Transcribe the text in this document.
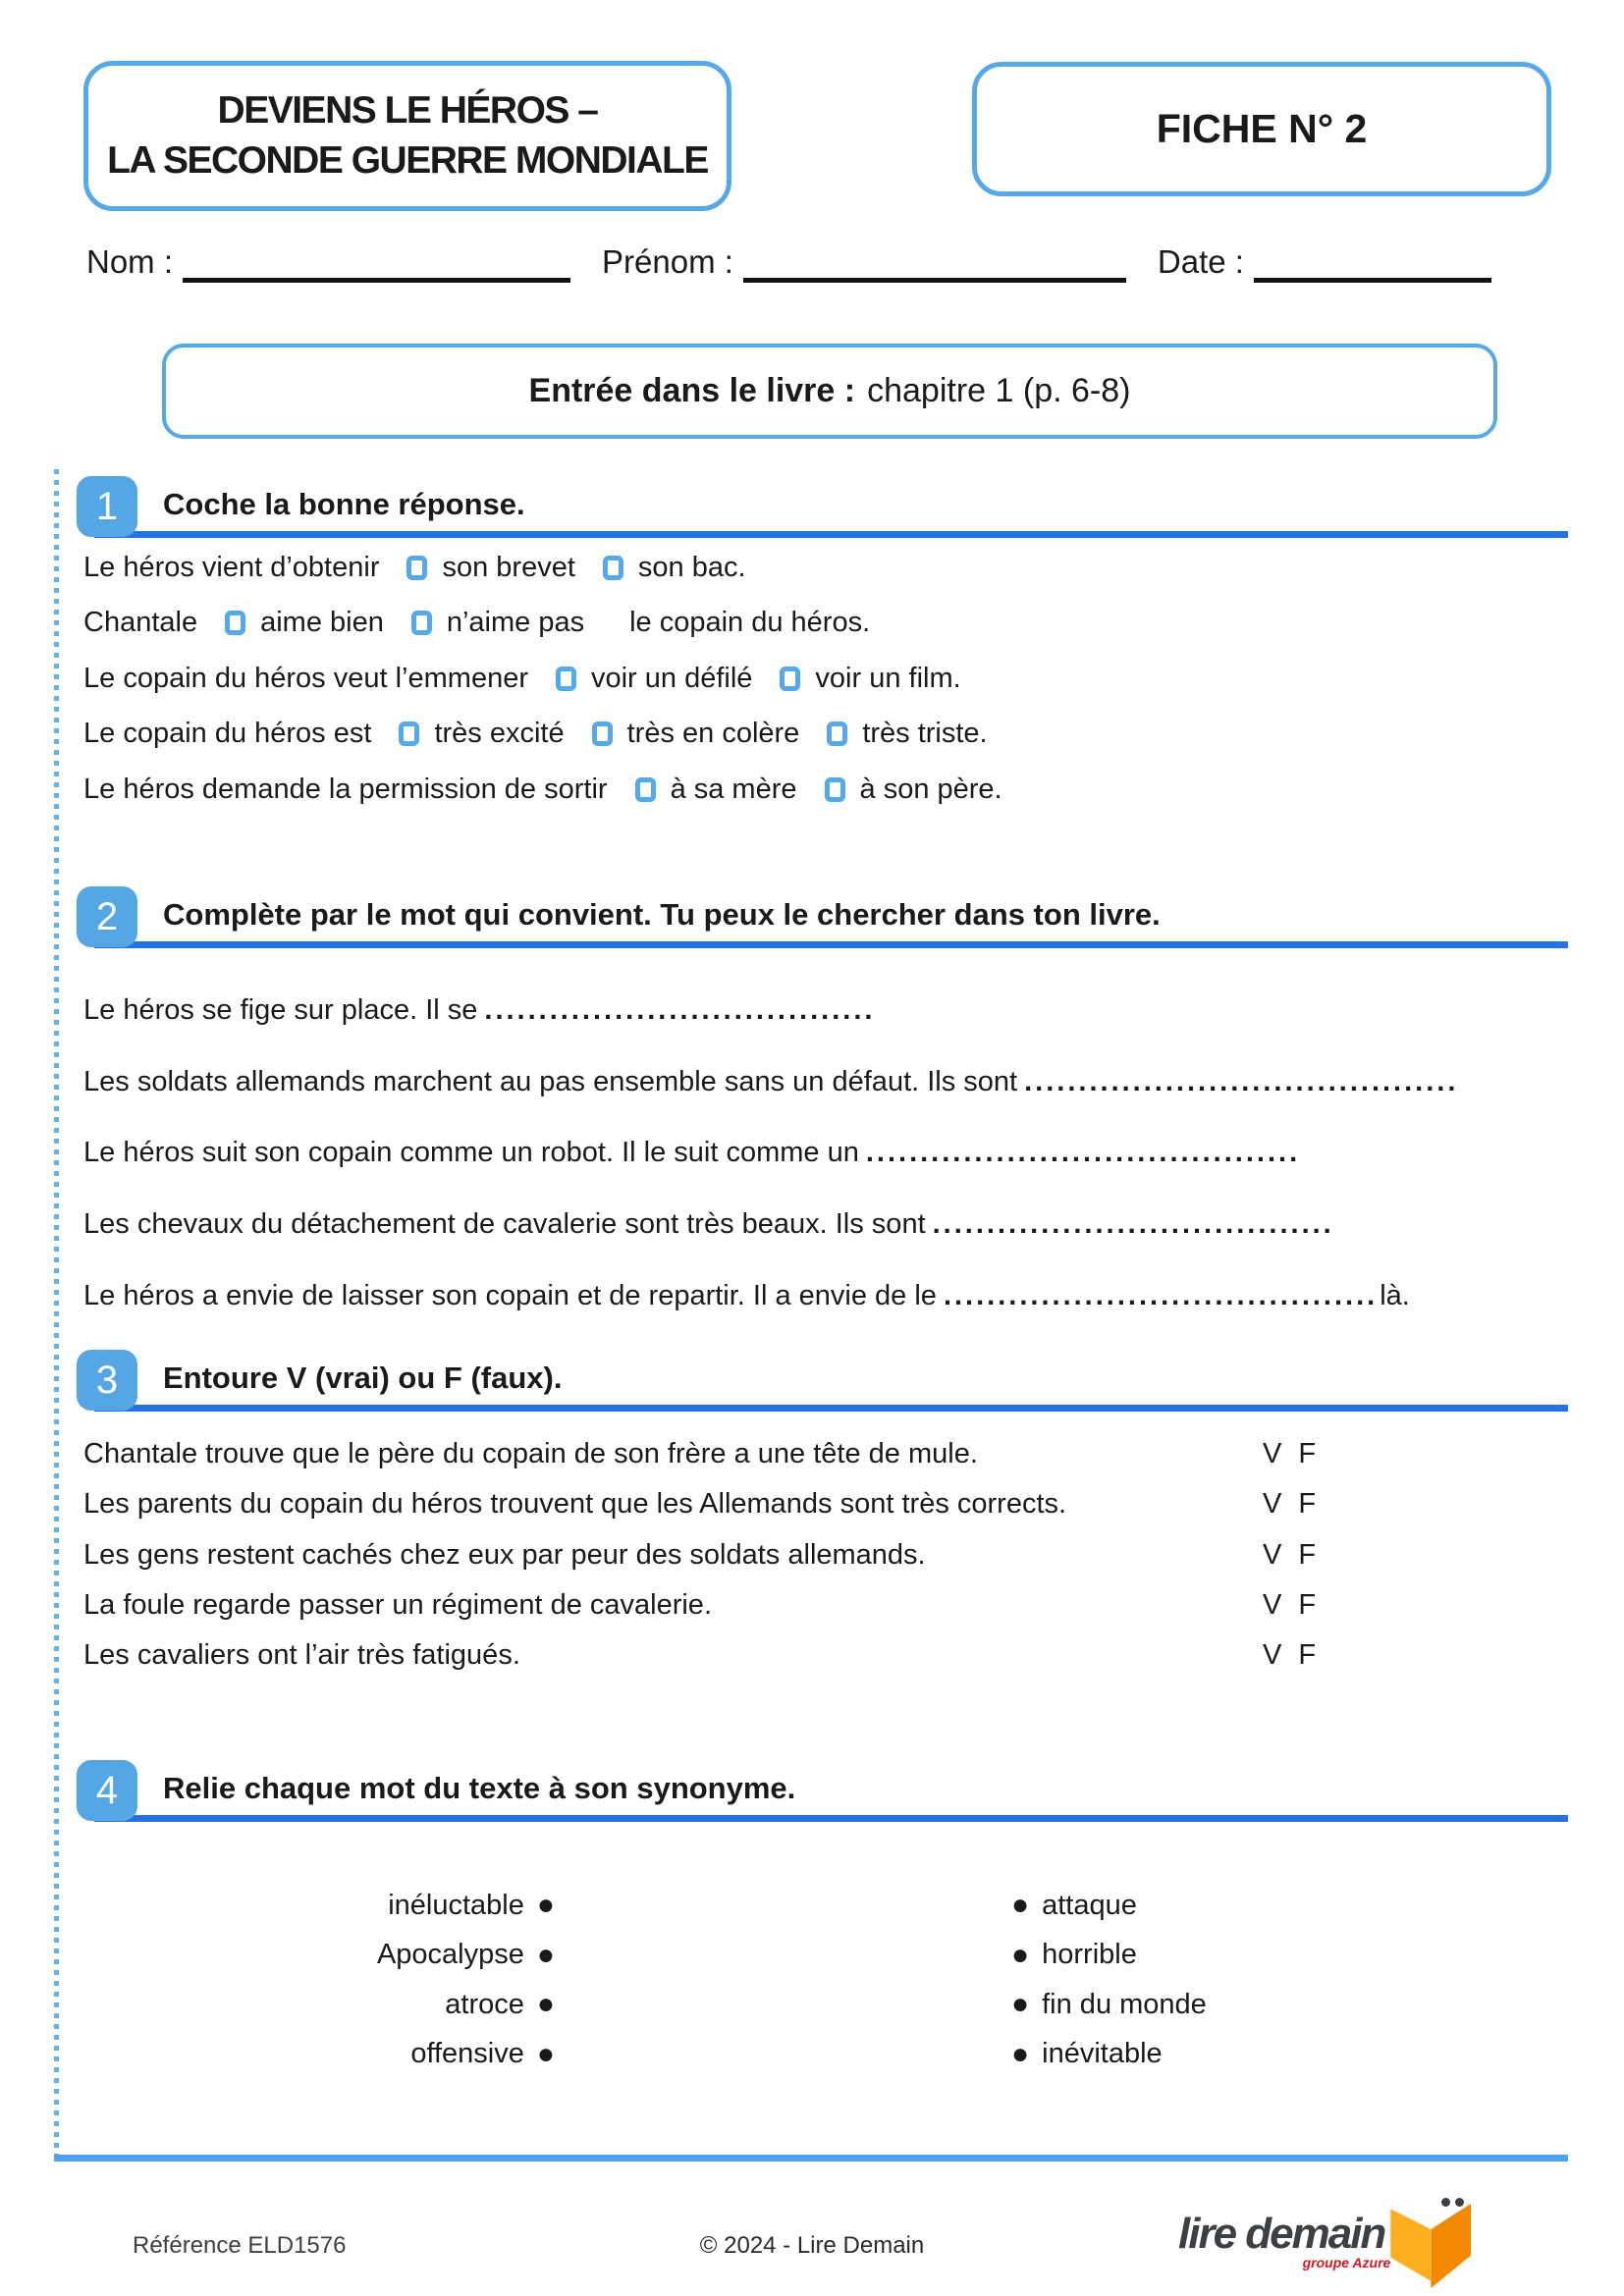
DEVIENS LE HÉROS –
LA SECONDE GUERRE MONDIALE
FICHE N° 2
Nom :	Prénom :	Date :
Entrée dans le livre : chapitre 1 (p. 6-8)
1	Coche la bonne réponse.
Le héros vient d’obtenir son brevet son bac.
Chantale aime bien n’aime pas le copain du héros.
Le copain du héros veut l’emmener voir un défilé voir un film.
Le copain du héros est très excité très en colère très triste.
Le héros demande la permission de sortir à sa mère à son père.
2	Complète par le mot qui convient. Tu peux le chercher dans ton livre.
Le héros se fige sur place. Il se ....................................
Les soldats allemands marchent au pas ensemble sans un défaut. Ils sont ........................................
Le héros suit son copain comme un robot. Il le suit comme un ........................................
Les chevaux du détachement de cavalerie sont très beaux. Ils sont .....................................
Le héros a envie de laisser son copain et de repartir. Il a envie de le ........................................ là.
3	Entoure V (vrai) ou F (faux).
Chantale trouve que le père du copain de son frère a une tête de mule.	V F
Les parents du copain du héros trouvent que les Allemands sont très corrects.	V F
Les gens restent cachés chez eux par peur des soldats allemands.	V F
La foule regarde passer un régiment de cavalerie.	V F
Les cavaliers ont l’air très fatigués.	V F
4	Relie chaque mot du texte à son synonyme.
inéluctable ●
Apocalypse ●
atroce ●
offensive ●
● attaque
● horrible
● fin du monde
● inévitable
Référence ELD1576	© 2024 - Lire Demain	lire demain
groupe Azure
